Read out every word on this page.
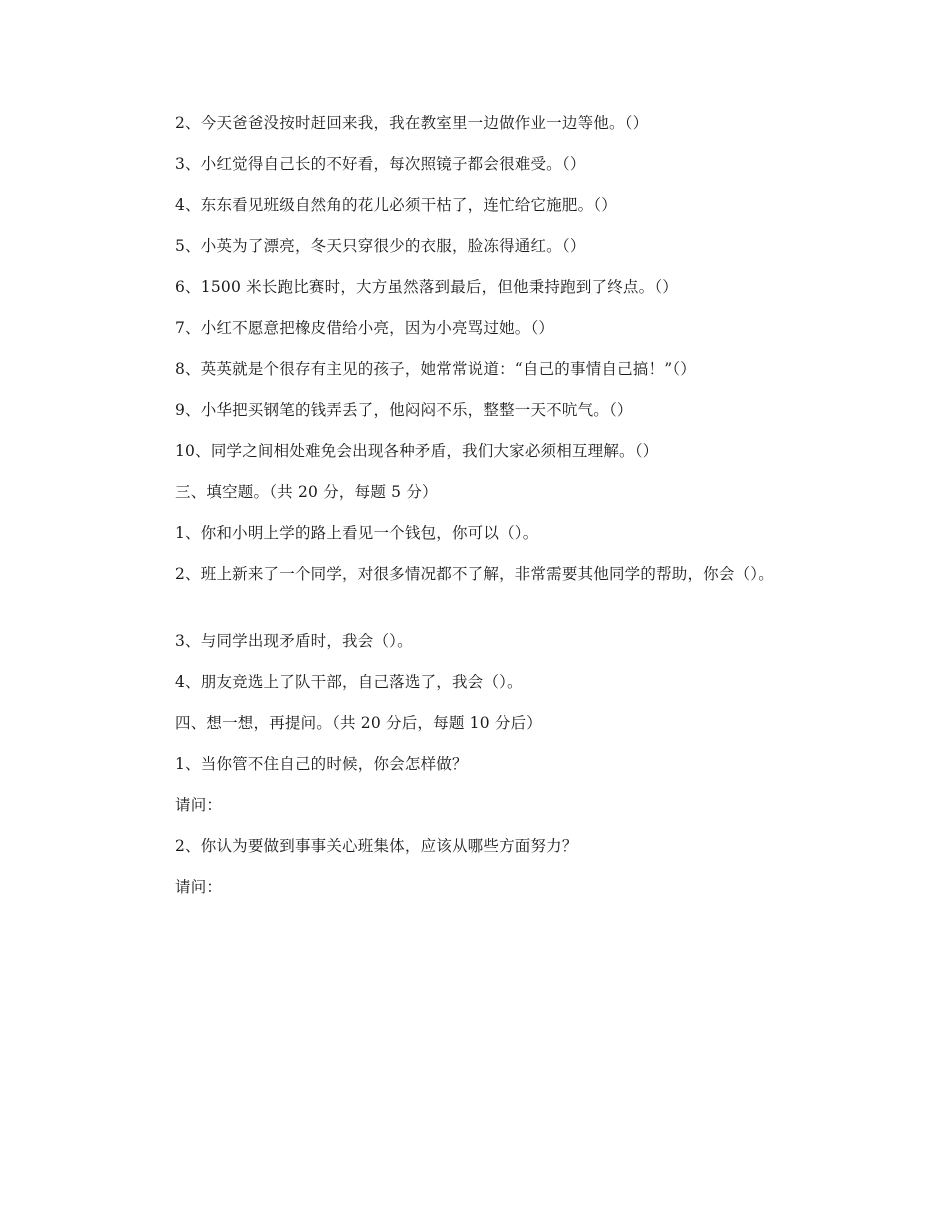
2、今天爸爸没按时赶回来我，我在教室里一边做作业一边等他。（）
3、小红觉得自己长的不好看，每次照镜子都会很难受。（）
4、东东看见班级自然角的花儿必须干枯了，连忙给它施肥。（）
5、小英为了漂亮，冬天只穿很少的衣服，脸冻得通红。（）
6、1500 米长跑比赛时，大方虽然落到最后，但他秉持跑到了终点。（）
7、小红不愿意把橡皮借给小亮，因为小亮骂过她。（）
8、英英就是个很存有主见的孩子，她常常说道：“自己的事情自己搞！”（）
9、小华把买钢笔的钱弄丢了，他闷闷不乐，整整一天不吭气。（）
10、同学之间相处难免会出现各种矛盾，我们大家必须相互理解。（）
三、填空题。（共 20 分，每题 5 分）
1、你和小明上学的路上看见一个钱包，你可以（）。
2、班上新来了一个同学，对很多情况都不了解，非常需要其他同学的帮助，你会（）。
3、与同学出现矛盾时，我会（）。
4、朋友竞选上了队干部，自己落选了，我会（）。
四、想一想，再提问。（共 20 分后，每题 10 分后）
1、当你管不住自己的时候，你会怎样做？
请问：
2、你认为要做到事事关心班集体，应该从哪些方面努力？
请问：
